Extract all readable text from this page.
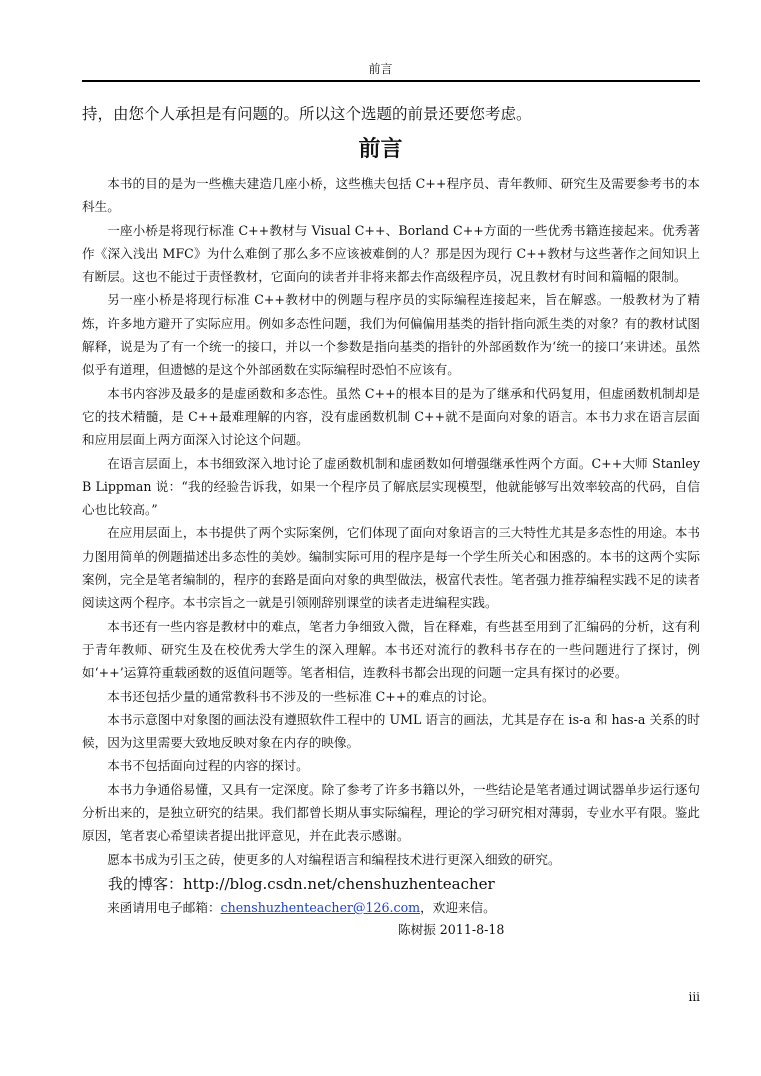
前言
持，由您个人承担是有问题的。所以这个选题的前景还要您考虑。
前言

本书的目的是为一些樵夫建造几座小桥，这些樵夫包括 C++程序员、青年教师、研究生及需要参考书的本科生。

一座小桥是将现行标准 C++教材与 Visual C++、Borland C++方面的一些优秀书籍连接起来。优秀著作《深入浅出 MFC》为什么难倒了那么多不应该被难倒的人？那是因为现行 C++教材与这些著作之间知识上有断层。这也不能过于责怪教材，它面向的读者并非将来都去作高级程序员，况且教材有时间和篇幅的限制。

另一座小桥是将现行标准 C++教材中的例题与程序员的实际编程连接起来，旨在解惑。一般教材为了精炼，许多地方避开了实际应用。例如多态性问题，我们为何偏偏用基类的指针指向派生类的对象？有的教材试图解释，说是为了有一个统一的接口，并以一个参数是指向基类的指针的外部函数作为‘统一的接口’来讲述。虽然似乎有道理，但遗憾的是这个外部函数在实际编程时恐怕不应该有。

本书内容涉及最多的是虚函数和多态性。虽然 C++的根本目的是为了继承和代码复用，但虚函数机制却是它的技术精髓，是 C++最难理解的内容，没有虚函数机制 C++就不是面向对象的语言。本书力求在语言层面和应用层面上两方面深入讨论这个问题。

在语言层面上，本书细致深入地讨论了虚函数机制和虚函数如何增强继承性两个方面。C++大师 Stanley B Lippman 说：“我的经验告诉我，如果一个程序员了解底层实现模型，他就能够写出效率较高的代码，自信心也比较高。”

在应用层面上，本书提供了两个实际案例，它们体现了面向对象语言的三大特性尤其是多态性的用途。本书力图用简单的例题描述出多态性的美妙。编制实际可用的程序是每一个学生所关心和困惑的。本书的这两个实际案例，完全是笔者编制的，程序的套路是面向对象的典型做法，极富代表性。笔者强力推荐编程实践不足的读者阅读这两个程序。本书宗旨之一就是引领刚辞别课堂的读者走进编程实践。

本书还有一些内容是教材中的难点，笔者力争细致入微，旨在释难，有些甚至用到了汇编码的分析，这有利于青年教师、研究生及在校优秀大学生的深入理解。本书还对流行的教科书存在的一些问题进行了探讨，例如‘++’运算符重载函数的返值问题等。笔者相信，连教科书都会出现的问题一定具有探讨的必要。

本书还包括少量的通常教科书不涉及的一些标准 C++的难点的讨论。

本书示意图中对象图的画法没有遵照软件工程中的 UML 语言的画法，尤其是存在 is-a 和 has-a 关系的时候，因为这里需要大致地反映对象在内存的映像。

本书不包括面向过程的内容的探讨。

本书力争通俗易懂，又具有一定深度。除了参考了许多书籍以外，一些结论是笔者通过调试器单步运行逐句分析出来的，是独立研究的结果。我们都曾长期从事实际编程，理论的学习研究相对薄弱，专业水平有限。鉴此原因，笔者衷心希望读者提出批评意见，并在此表示感谢。

愿本书成为引玉之砖，使更多的人对编程语言和编程技术进行更深入细致的研究。

我的博客：http://blog.csdn.net/chenshuzhenteacher

来函请用电子邮箱：chenshuzhenteacher@126.com，欢迎来信。

陈树振 2011-8-18

iii
